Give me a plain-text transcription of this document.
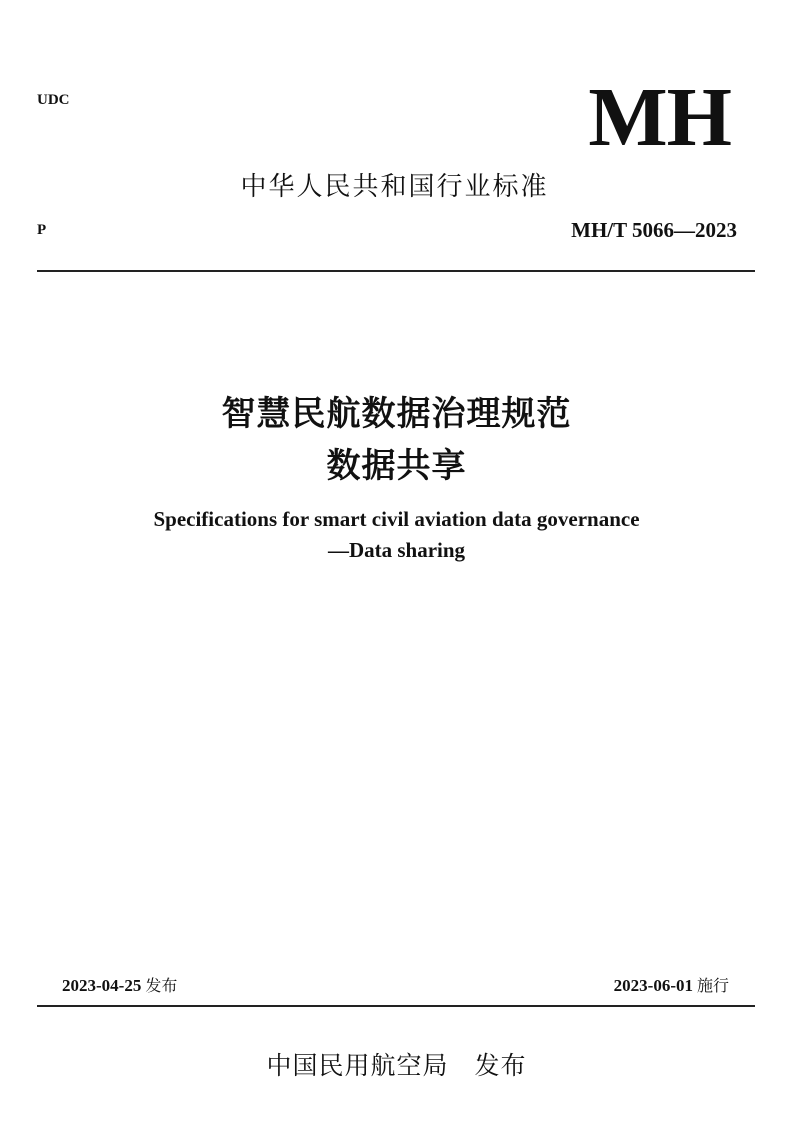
UDC	MH
中华人民共和国行业标准
P	MH/T 5066—2023
智慧民航数据治理规范
数据共享
Specifications for smart civil aviation data governance
—Data sharing
2023-04-25 发布	2023-06-01 施行
中国民用航空局 发布
